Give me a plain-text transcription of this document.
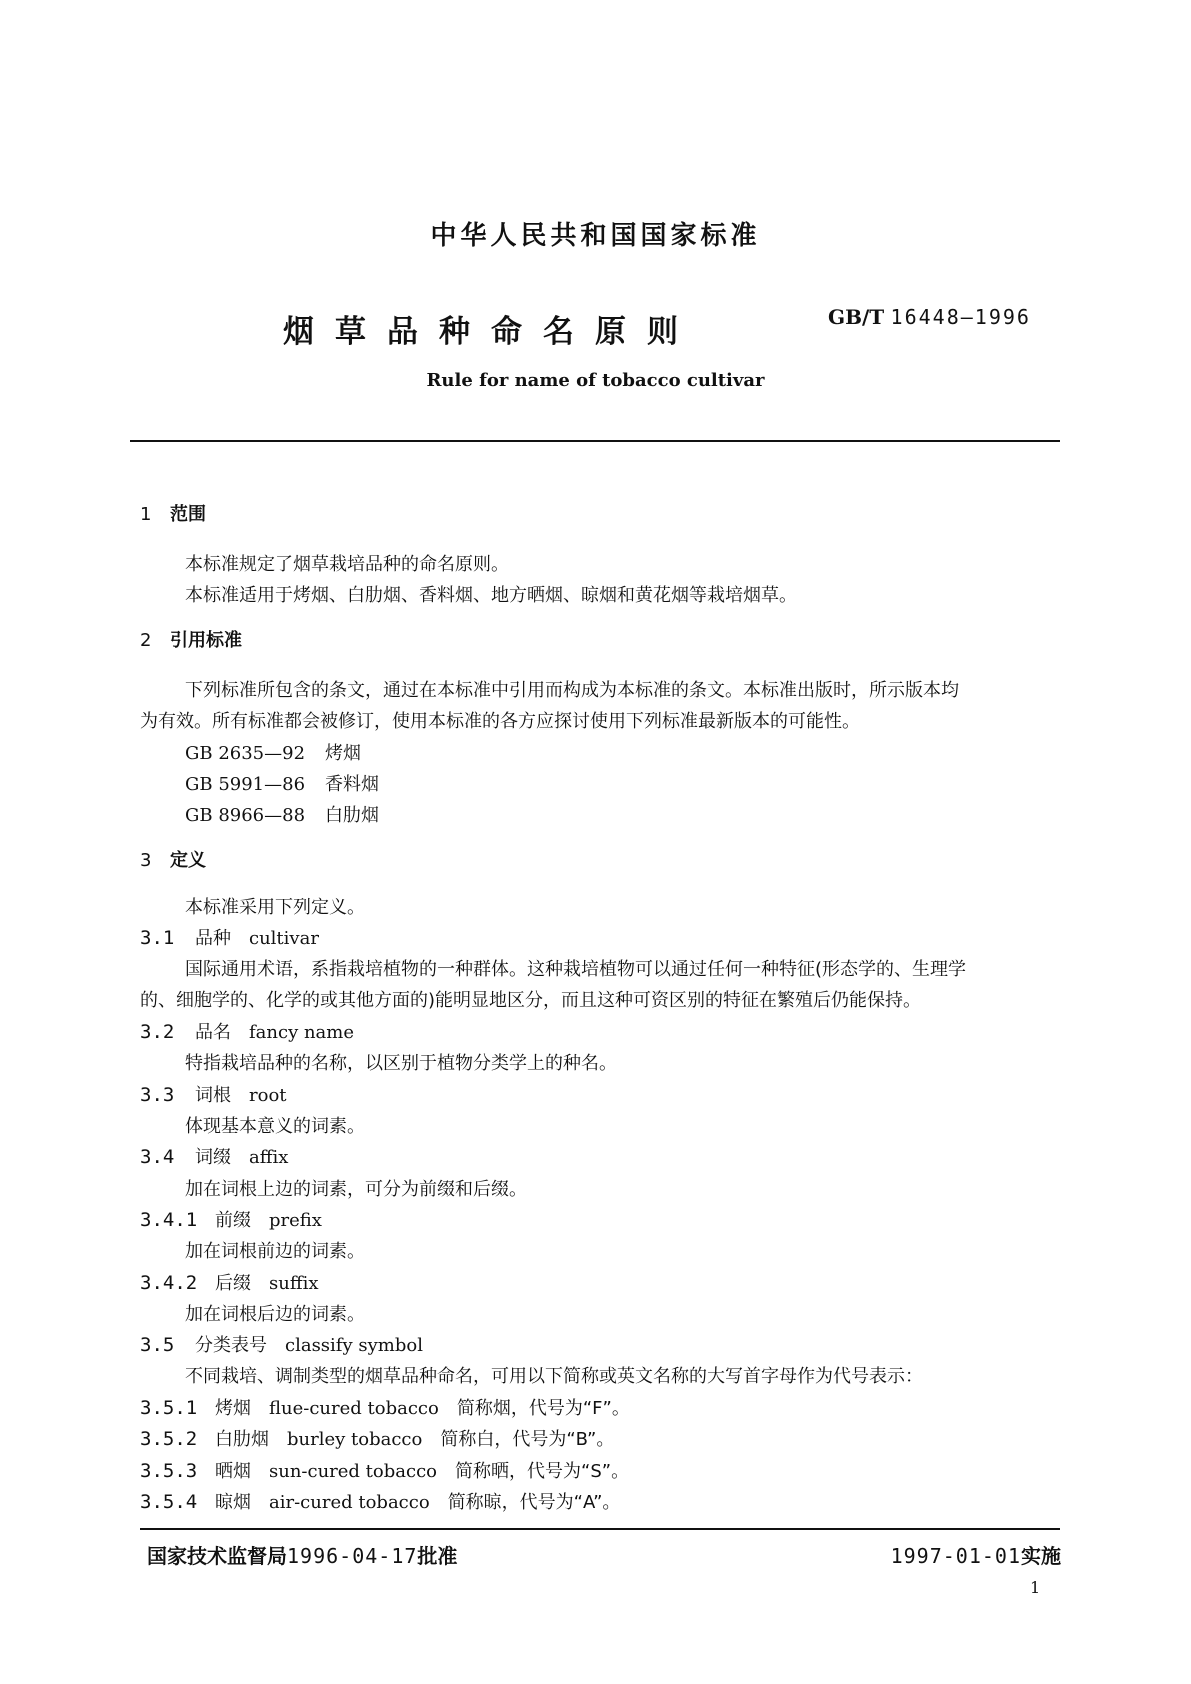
中华人民共和国国家标准
烟草品种命名原则	GB/T 16448—1996
Rule for name of tobacco cultivar
1 范围
本标准规定了烟草栽培品种的命名原则。
本标准适用于烤烟、白肋烟、香料烟、地方晒烟、晾烟和黄花烟等栽培烟草。
2 引用标准
下列标准所包含的条文，通过在本标准中引用而构成为本标准的条文。本标准出版时，所示版本均
为有效。所有标准都会被修订，使用本标准的各方应探讨使用下列标准最新版本的可能性。
GB 2635—92 烤烟
GB 5991—86 香料烟
GB 8966—88 白肋烟
3 定义
本标准采用下列定义。
3.1 品种 cultivar
国际通用术语，系指栽培植物的一种群体。这种栽培植物可以通过任何一种特征(形态学的、生理学
的、细胞学的、化学的或其他方面的)能明显地区分，而且这种可资区别的特征在繁殖后仍能保持。
3.2 品名 fancy name
特指栽培品种的名称，以区别于植物分类学上的种名。
3.3 词根 root
体现基本意义的词素。
3.4 词缀 affix
加在词根上边的词素，可分为前缀和后缀。
3.4.1 前缀 prefix
加在词根前边的词素。
3.4.2 后缀 suffix
加在词根后边的词素。
3.5 分类表号 classify symbol
不同栽培、调制类型的烟草品种命名，可用以下简称或英文名称的大写首字母作为代号表示：
3.5.1 烤烟 flue-cured tobacco 简称烟，代号为“F”。
3.5.2 白肋烟 burley tobacco 简称白，代号为“B”。
3.5.3 晒烟 sun-cured tobacco 简称晒，代号为“S”。
3.5.4 晾烟 air-cured tobacco 简称晾，代号为“A”。
国家技术监督局1996-04-17批准	1997-01-01实施
1
